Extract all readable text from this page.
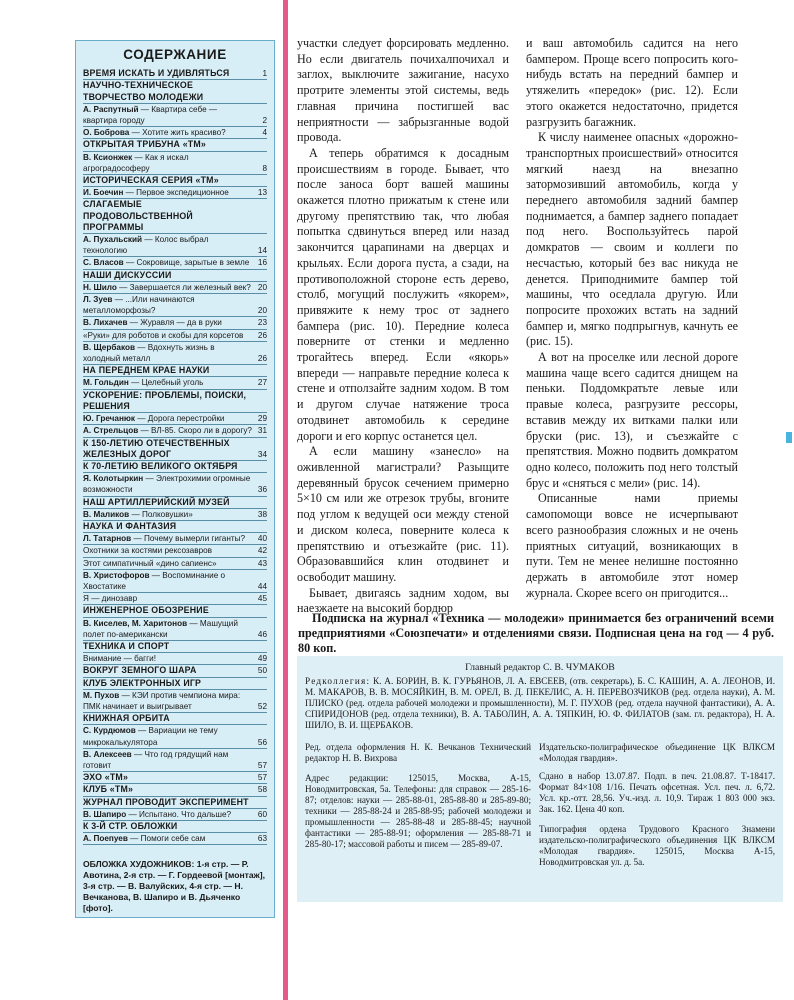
СОДЕРЖАНИЕ
ВРЕМЯ ИСКАТЬ И УДИВЛЯТЬСЯ	1
НАУЧНО-ТЕХНИЧЕСКОЕ ТВОРЧЕСТВО МОЛОДЕЖИ
А. Распутный — Квартира себе — квартира городу	2
О. Боброва — Хотите жить красиво?	4
ОТКРЫТАЯ ТРИБУНА «ТМ»
В. Ксионжек — Как я искал агроградософеру	8
ИСТОРИЧЕСКАЯ СЕРИЯ «ТМ»
И. Боечин — Первое экспедиционное	13
СЛАГАЕМЫЕ ПРОДОВОЛЬСТВЕННОЙ ПРОГРАММЫ
А. Пухальский — Колос выбрал технологию	14
С. Власов — Сокровище, зарытые в земле 16
НАШИ ДИСКУССИИ
Н. Шило — Завершается ли железный век? 20
Л. Зуев — ...Или начинаются металломорфозы?	20
В. Лихачев — Журавля — да в руки	23
«Руки» для роботов и скобы для корсетов 26
В. Щербаков — Вдохнуть жизнь в холодный металл	26
НА ПЕРЕДНЕМ КРАЕ НАУКИ
М. Гольдин — Целебный уголь	27
УСКОРЕНИЕ: ПРОБЛЕМЫ, ПОИСКИ, РЕШЕНИЯ
Ю. Гречанюк — Дорога перестройки	29
А. Стрельцов — ВЛ-85. Скоро ли в дорогу? 31
К 150-ЛЕТИЮ ОТЕЧЕСТВЕННЫХ ЖЕЛЕЗНЫХ ДОРОГ	34
К 70-ЛЕТИЮ ВЕЛИКОГО ОКТЯБРЯ
Я. Колотыркин — Электрохимии огромные возможности	36
НАШ АРТИЛЛЕРИЙСКИЙ МУЗЕЙ
В. Маликов — Полковушки»	38
НАУКА И ФАНТАЗИЯ
Л. Татарнов — Почему вымерли гиганты? 40
Охотники за костями рексозавров	42
Этот симпатичный «дино сапиенс»	43
В. Христофоров — Воспоминание о Хвостатике	44
Я — динозавр	45
ИНЖЕНЕРНОЕ ОБОЗРЕНИЕ
В. Киселев, М. Харитонов — Машущий полет по-американски	46
ТЕХНИКА И СПОРТ
Внимание — багги!	49
ВОКРУГ ЗЕМНОГО ШАРА	50
КЛУБ ЭЛЕКТРОННЫХ ИГР
М. Пухов — КЭИ против чемпиона мира: ПМК начинает и выигрывает	52
КНИЖНАЯ ОРБИТА
С. Курдюмов — Вариации не тему микрокалькулятора	56
В. Алексеев — Что год грядущий нам готовит	57
ЭХО «ТМ»	57
КЛУБ «ТМ»	58
ЖУРНАЛ ПРОВОДИТ ЭКСПЕРИМЕНТ
В. Шапиро — Испытано. Что дальше?	60
К 3-Й СТР. ОБЛОЖКИ
А. Поепуев — Помоги себе сам	63
ОБЛОЖКА ХУДОЖНИКОВ: 1-я стр. — Р. Авотина, 2-я стр. — Г. Гордеевой [монтаж], 3-я стр. — В. Валуйских, 4-я стр. — Н. Вечканова, В. Шапиро и В. Дьяченко [фото].

участки следует форсировать медленно. Но если двигатель почихалпочихал и заглох, выключите зажигание, насухо протрите элементы этой системы, ведь главная причина постигшей вас неприятности — забрызганные водой провода.

А теперь обратимся к досадным происшествиям в городе. Бывает, что после заноса борт вашей машины окажется плотно прижатым к стене или другому препятствию так, что любая попытка сдвинуться вперед или назад закончится царапинами на дверцах и крыльях. Если дорога пуста, а сзади, на противоположной стороне есть дерево, столб, могущий послужить «якорем», привяжите к нему трос от заднего бампера (рис. 10). Передние колеса поверните от стенки и медленно трогайтесь вперед. Если «якорь» впереди — направьте передние колеса к стене и отползайте задним ходом. В том и другом случае натяжение троса отодвинет автомобиль к середине дороги и его корпус останется цел.

А если машину «занесло» на оживленной магистрали? Разыщите деревянный брусок сечением примерно 5×10 см или же отрезок трубы, вгоните под углом к ведущей оси между стеной и диском колеса, поверните колеса к препятствию и отъезжайте (рис. 11). Образовавшийся клин отодвинет и освободит машину.

Бывает, двигаясь задним ходом, вы наезжаете на высокий бордюр

и ваш автомобиль садится на него бампером. Проще всего попросить кого-нибудь встать на передний бампер и утяжелить «передок» (рис. 12). Если этого окажется недостаточно, придется разгрузить багажник.

К числу наименее опасных «дорожно-транспортных происшествий» относится мягкий наезд на внезапно затормозивший автомобиль, когда у переднего автомобиля задний бампер поднимается, а бампер заднего попадает под него. Воспользуйтесь парой домкратов — своим и коллеги по несчастью, который без вас никуда не денется. Приподнимите бампер той машины, что оседлала другую. Или попросите прохожих встать на задний бампер и, мягко подпрыгнув, качнуть ее (рис. 15).

А вот на проселке или лесной дороге машина чаще всего садится днищем на пеньки. Поддомкратьте левые или правые колеса, разгрузите рессоры, вставив между их витками палки или бруски (рис. 13), и съезжайте с препятствия. Можно подвить домкратом одно колесо, положить под него толстый брус и «сняться с мели» (рис. 14).

Описанные нами приемы самопомощи вовсе не исчерпывают всего разнообразия сложных и не очень приятных ситуаций, возникающих в пути. Тем не менее нелишне постоянно держать в автомобиле этот номер журнала. Скорее всего он пригодится...

Подписка на журнал «Техника — молодежи» принимается без ограничений всеми предприятиями «Союзпечати» и отделениями связи. Подписная цена на год — 4 руб. 80 коп.

Главный редактор С. В. ЧУМАКОВ

Редколлегия: К. А. БОРИН, В. К. ГУРЬЯНОВ, Л. А. ЕВСЕЕВ, (отв. секретарь), Б. С. КАШИН, А. А. ЛЕОНОВ, И. М. МАКАРОВ, В. В. МОСЯЙКИН, В. М. ОРЕЛ, В. Д. ПЕКЕЛИС, А. Н. ПЕРЕВОЗЧИКОВ (ред. отдела науки), А. М. ПЛИСКО (ред. отдела рабочей молодежи и промышленности), М. Г. ПУХОВ (ред. отдела научной фантастики), А. А. СПИРИДОНОВ (ред. отдела техники), В. А. ТАБОЛИН, А. А. ТЯПКИН, Ю. Ф. ФИЛАТОВ (зам. гл. редактора), Н. А. ШИЛО, В. И. ЩЕРБАКОВ.

Ред. отдела оформления Н. К. Вечканов Технический редактор Н. В. Вихрова

Адрес редакции: 125015, Москва, А-15, Новодмитровская, 5а. Телефоны: для справок — 285-16-87; отделов: науки — 285-88-01, 285-88-80 и 285-89-80; техники — 285-88-24 и 285-88-95; рабочей молодежи и промышленности — 285-88-48 и 285-88-45; научной фантастики — 285-88-91; оформления — 285-88-71 и 285-80-17; массовой работы и писем — 285-89-07.

Издательско-полиграфическое объединение ЦК ВЛКСМ «Молодая гвардия».

Сдано в набор 13.07.87. Подп. в печ. 21.08.87. Т-18417. Формат 84×108 1/16. Печать офсетная. Усл. печ. л. 6,72. Усл. кр.-отт. 28,56. Уч.-изд. л. 10,9. Тираж 1 803 000 экз. Зак. 162. Цена 40 коп.

Типография ордена Трудового Красного Знамени издательско-полиграфического объединения ЦК ВЛКСМ «Молодая гвардия». 125015, Москва А-15, Новодмитровская ул. д. 5а.
